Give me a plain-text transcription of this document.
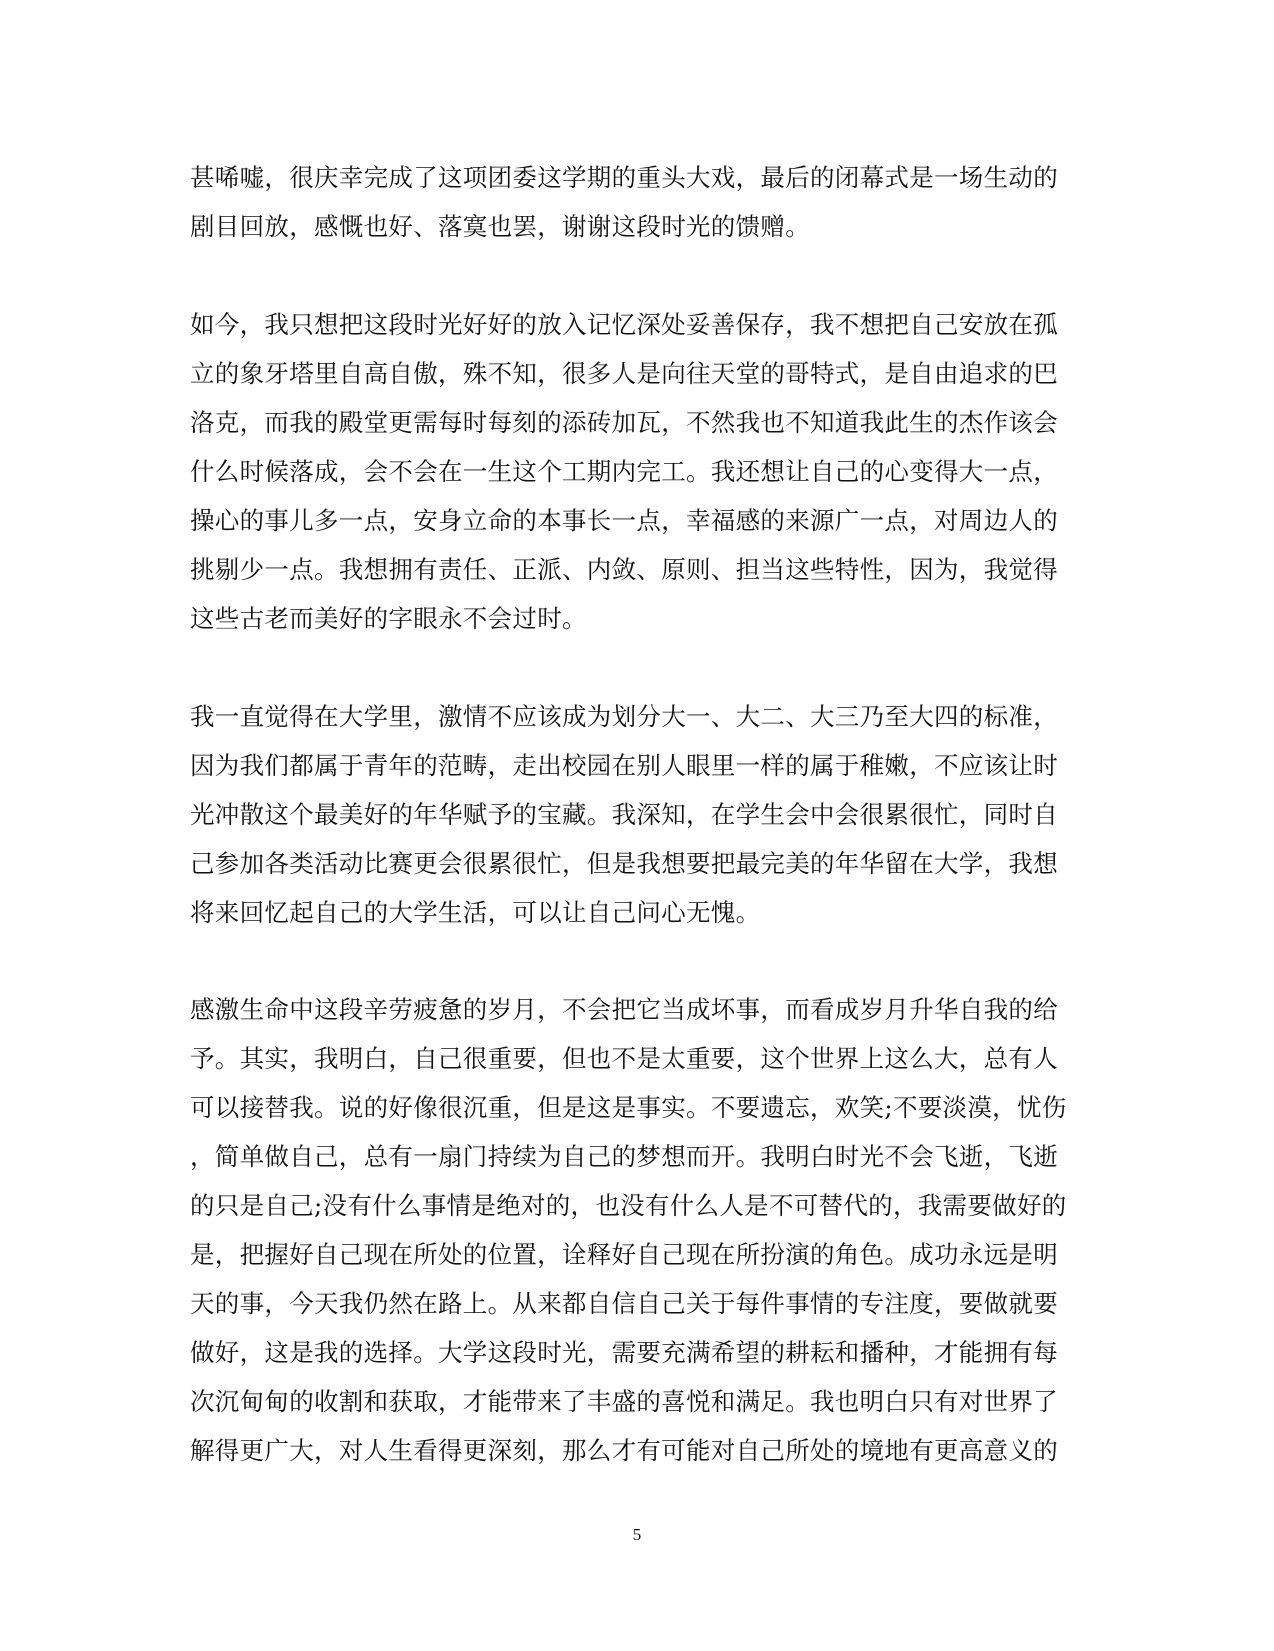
甚唏嘘，很庆幸完成了这项团委这学期的重头大戏，最后的闭幕式是一场生动的
剧目回放，感慨也好、落寞也罢，谢谢这段时光的馈赠。
如今，我只想把这段时光好好的放入记忆深处妥善保存，我不想把自己安放在孤
立的象牙塔里自高自傲，殊不知，很多人是向往天堂的哥特式，是自由追求的巴
洛克，而我的殿堂更需每时每刻的添砖加瓦，不然我也不知道我此生的杰作该会
什么时候落成，会不会在一生这个工期内完工。我还想让自己的心变得大一点，
操心的事儿多一点，安身立命的本事长一点，幸福感的来源广一点，对周边人的
挑剔少一点。我想拥有责任、正派、内敛、原则、担当这些特性，因为，我觉得
这些古老而美好的字眼永不会过时。
我一直觉得在大学里，激情不应该成为划分大一、大二、大三乃至大四的标准，
因为我们都属于青年的范畴，走出校园在别人眼里一样的属于稚嫩，不应该让时
光冲散这个最美好的年华赋予的宝藏。我深知，在学生会中会很累很忙，同时自
己参加各类活动比赛更会很累很忙，但是我想要把最完美的年华留在大学，我想
将来回忆起自己的大学生活，可以让自己问心无愧。
感激生命中这段辛劳疲惫的岁月，不会把它当成坏事，而看成岁月升华自我的给
予。其实，我明白，自己很重要，但也不是太重要，这个世界上这么大，总有人
可以接替我。说的好像很沉重，但是这是事实。不要遗忘，欢笑;不要淡漠，忧伤
，简单做自己，总有一扇门持续为自己的梦想而开。我明白时光不会飞逝，飞逝
的只是自己;没有什么事情是绝对的，也没有什么人是不可替代的，我需要做好的
是，把握好自己现在所处的位置，诠释好自己现在所扮演的角色。成功永远是明
天的事，今天我仍然在路上。从来都自信自己关于每件事情的专注度，要做就要
做好，这是我的选择。大学这段时光，需要充满希望的耕耘和播种，才能拥有每
次沉甸甸的收割和获取，才能带来了丰盛的喜悦和满足。我也明白只有对世界了
解得更广大，对人生看得更深刻，那么才有可能对自己所处的境地有更高意义的
5
